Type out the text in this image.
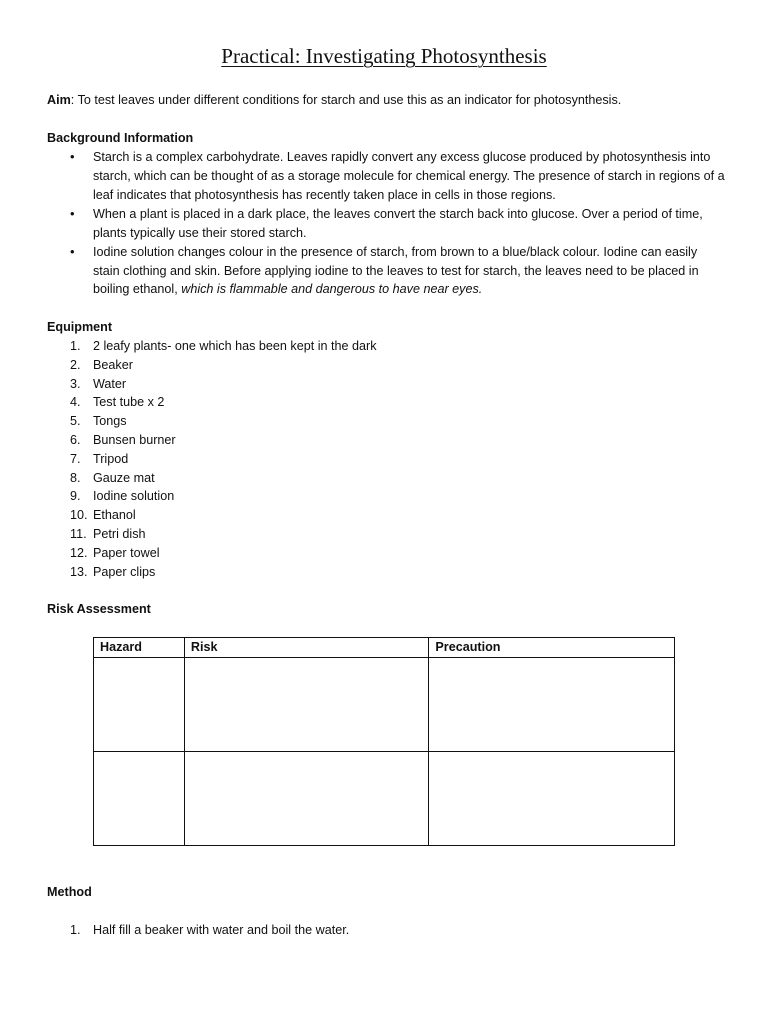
Practical: Investigating Photosynthesis
Aim: To test leaves under different conditions for starch and use this as an indicator for photosynthesis.
Background Information
• Starch is a complex carbohydrate. Leaves rapidly convert any excess glucose produced by photosynthesis into starch, which can be thought of as a storage molecule for chemical energy. The presence of starch in regions of a leaf indicates that photosynthesis has recently taken place in cells in those regions.
• When a plant is placed in a dark place, the leaves convert the starch back into glucose. Over a period of time, plants typically use their stored starch.
• Iodine solution changes colour in the presence of starch, from brown to a blue/black colour. Iodine can easily stain clothing and skin. Before applying iodine to the leaves to test for starch, the leaves need to be placed in boiling ethanol, which is flammable and dangerous to have near eyes.
Equipment
1. 2 leafy plants- one which has been kept in the dark
2. Beaker
3. Water
4. Test tube x 2
5. Tongs
6. Bunsen burner
7. Tripod
8. Gauze mat
9. Iodine solution
10. Ethanol
11. Petri dish
12. Paper towel
13. Paper clips
Risk Assessment
Hazard	Risk	Precaution

Method
1. Half fill a beaker with water and boil the water.
